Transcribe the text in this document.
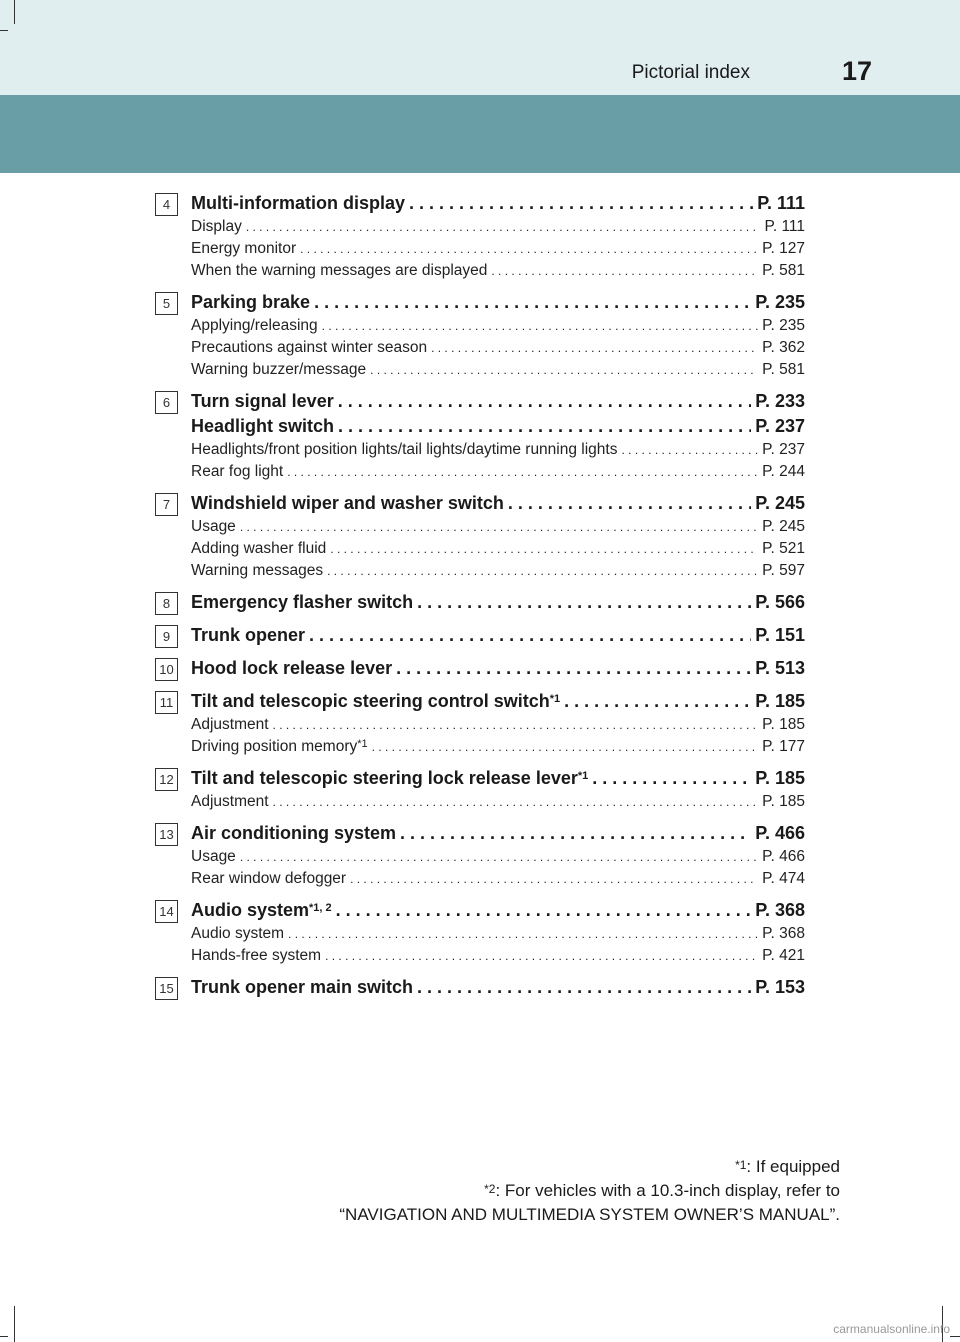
Pictorial index	17
4	Multi-information display . . .	P. 111
Display . . .	P. 111
Energy monitor . . .	P. 127
When the warning messages are displayed . . .	P. 581
5	Parking brake . . .	P. 235
Applying/releasing . . .	P. 235
Precautions against winter season . . .	P. 362
Warning buzzer/message . . .	P. 581
6	Turn signal lever . . .	P. 233
Headlight switch . . .	P. 237
Headlights/front position lights/tail lights/daytime running lights . . .	P. 237
Rear fog light . . .	P. 244
7	Windshield wiper and washer switch . . .	P. 245
Usage . . .	P. 245
Adding washer fluid . . .	P. 521
Warning messages . . .	P. 597
8	Emergency flasher switch . . .	P. 566
9	Trunk opener . . .	P. 151
10 Hood lock release lever . . .	P. 513
11 Tilt and telescopic steering control switch$^{*1}$ . . .	P. 185
Adjustment . . .	P. 185
Driving position memory$^{*1}$ . . .	P. 177
12 Tilt and telescopic steering lock release lever$^{*1}$ . . .	P. 185
Adjustment . . .	P. 185
13 Air conditioning system . . .	P. 466
Usage . . .	P. 466
Rear window defogger . . .	P. 474
14 Audio system$^{*1, 2}$ . . .	P. 368
Audio system . . .	P. 368
Hands-free system . . .	P. 421
15 Trunk opener main switch . . .	P. 153
$^{*1}$: If equipped
$^{*2}$: For vehicles with a 10.3-inch display, refer to
“NAVIGATION AND MULTIMEDIA SYSTEM OWNER’S MANUAL”.
carmanualsonline.info
